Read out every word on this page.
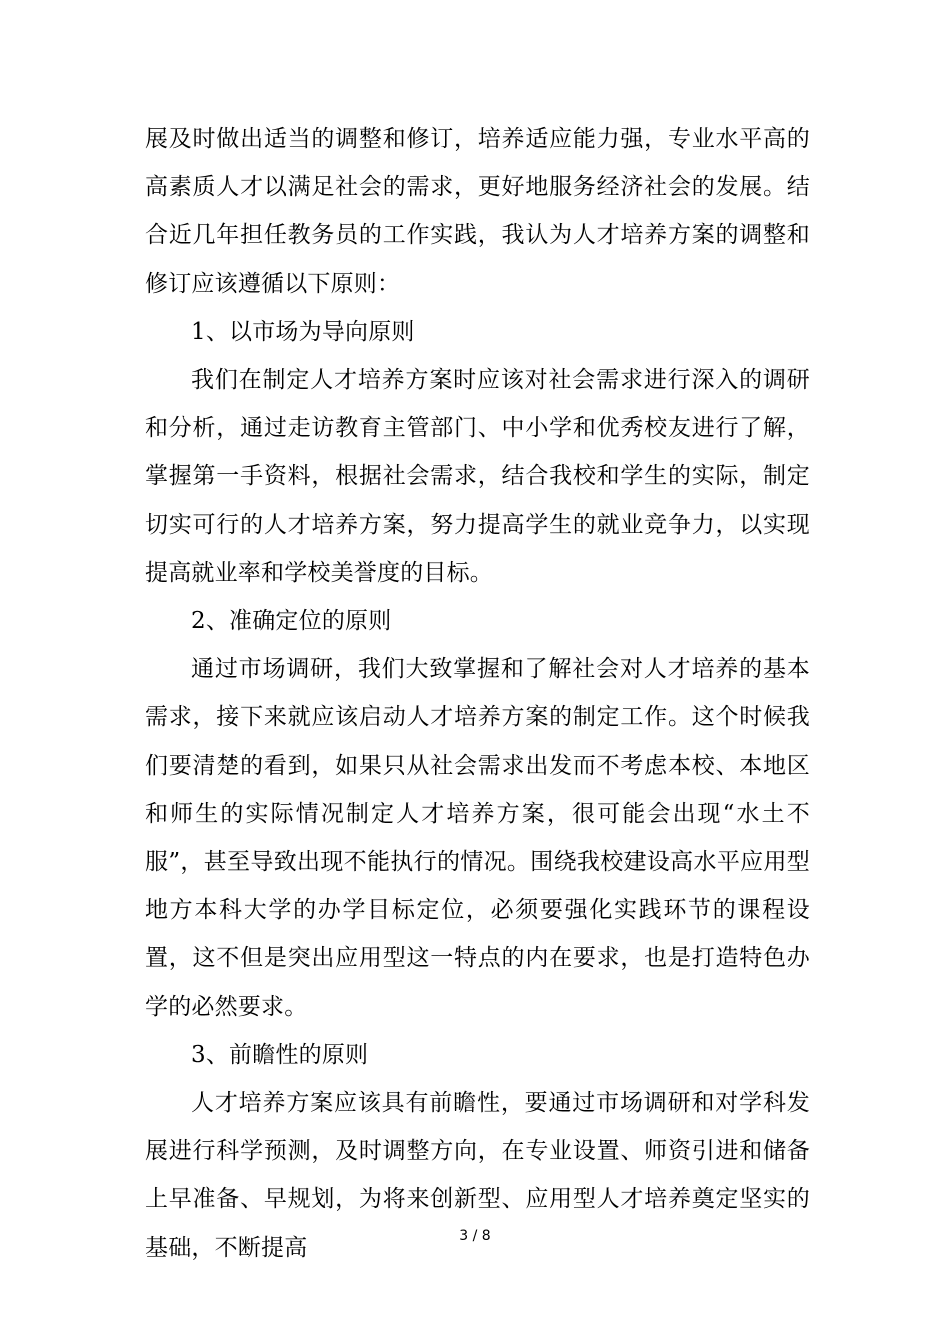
展及时做出适当的调整和修订，培养适应能力强，专业水平高的高素质人才以满足社会的需求，更好地服务经济社会的发展。结合近几年担任教务员的工作实践，我认为人才培养方案的调整和修订应该遵循以下原则：

1、以市场为导向原则

我们在制定人才培养方案时应该对社会需求进行深入的调研和分析，通过走访教育主管部门、中小学和优秀校友进行了解，掌握第一手资料，根据社会需求，结合我校和学生的实际，制定切实可行的人才培养方案，努力提高学生的就业竞争力，以实现提高就业率和学校美誉度的目标。

2、准确定位的原则

通过市场调研，我们大致掌握和了解社会对人才培养的基本需求，接下来就应该启动人才培养方案的制定工作。这个时候我们要清楚的看到，如果只从社会需求出发而不考虑本校、本地区和师生的实际情况制定人才培养方案，很可能会出现“水土不服”，甚至导致出现不能执行的情况。围绕我校建设高水平应用型地方本科大学的办学目标定位，必须要强化实践环节的课程设置，这不但是突出应用型这一特点的内在要求，也是打造特色办学的必然要求。

3、前瞻性的原则

人才培养方案应该具有前瞻性，要通过市场调研和对学科发展进行科学预测，及时调整方向，在专业设置、师资引进和储备上早准备、早规划，为将来创新型、应用型人才培养奠定坚实的基础，不断提高	3 / 8
